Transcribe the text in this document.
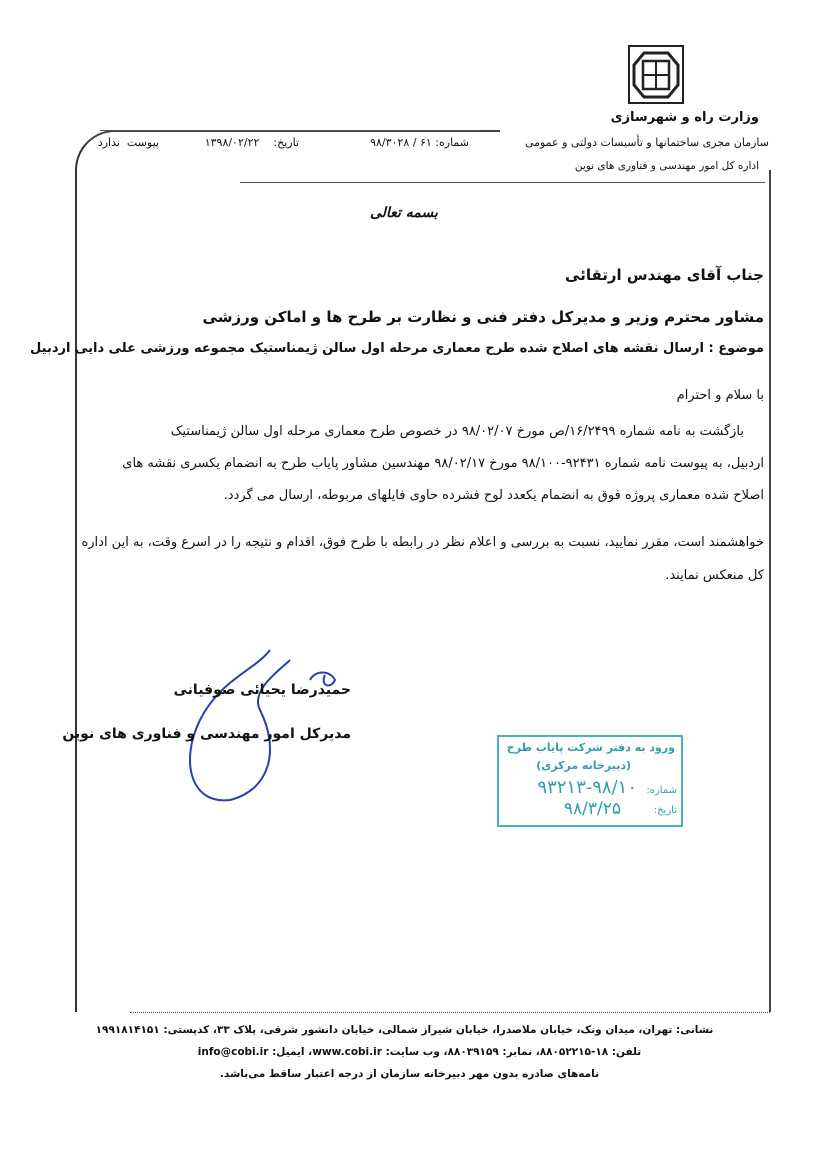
وزارت راه و شهرسازی
سازمان مجری ساختمانها و تأسیسات دولتی و عمومی
اداره کل امور مهندسی و فناوری های نوین
شماره: ۶۱ / ۹۸/۳۰۲۸
تاریخ:    ۱۳۹۸/۰۲/۲۲
پیوست  ندارد
بسمه تعالی
جناب آقای مهندس ارتقائی
مشاور محترم وزیر و مدیرکل دفتر فنی و نظارت بر طرح ها و اماکن ورزشی
موضوع : ارسال نقشه های اصلاح شده طرح معماری مرحله اول سالن ژیمناستیک مجموعه ورزشی علی دایی اردبیل
با سلام و احترام
بازگشت به نامه شماره ۱۶/۲۴۹۹/ص مورخ ۹۸/۰۲/۰۷ در خصوص طرح معماری مرحله اول سالن ژیمناستیک
اردبیل، به پیوست نامه شماره ۹۲۴۳۱-۹۸/۱۰۰ مورخ ۹۸/۰۲/۱۷ مهندسین مشاور پایاب طرح به انضمام یکسری نقشه های
اصلاح شده معماری پروژه فوق به انضمام یکعدد لوح فشرده حاوی فایلهای مربوطه، ارسال می گردد.
خواهشمند است، مقرر نمایید، نسبت به بررسی و اعلام نظر در رابطه با طرح فوق، اقدام و نتیجه را در اسرع وقت، به این اداره
کل منعکس نمایند.
حمیدرضا یحیائی صوفیانی
مدیرکل امور مهندسی و فناوری های نوین
ورود به دفتر شرکت پایاب طرح
(دبیرخانه مرکزی)
شماره:
۹۳۲۱۳-۹۸/۱۰
تاریخ:
۹۸/۳/۲۵
نشانی: تهران، میدان ونک، خیابان ملاصدرا، خیابان شیراز شمالی، خیابان دانشور شرقی، پلاک ۳۳، کدپستی: ۱۹۹۱۸۱۴۱۵۱
تلفن: ۱۸-۸۸۰۵۲۲۱۵، نمابر: ۸۸۰۳۹۱۵۹، وب سایت: www.cobi.ir، ایمیل: info@cobi.ir
نامه‌های صادره بدون مهر دبیرخانه سازمان از درجه اعتبار ساقط می‌باشد.
